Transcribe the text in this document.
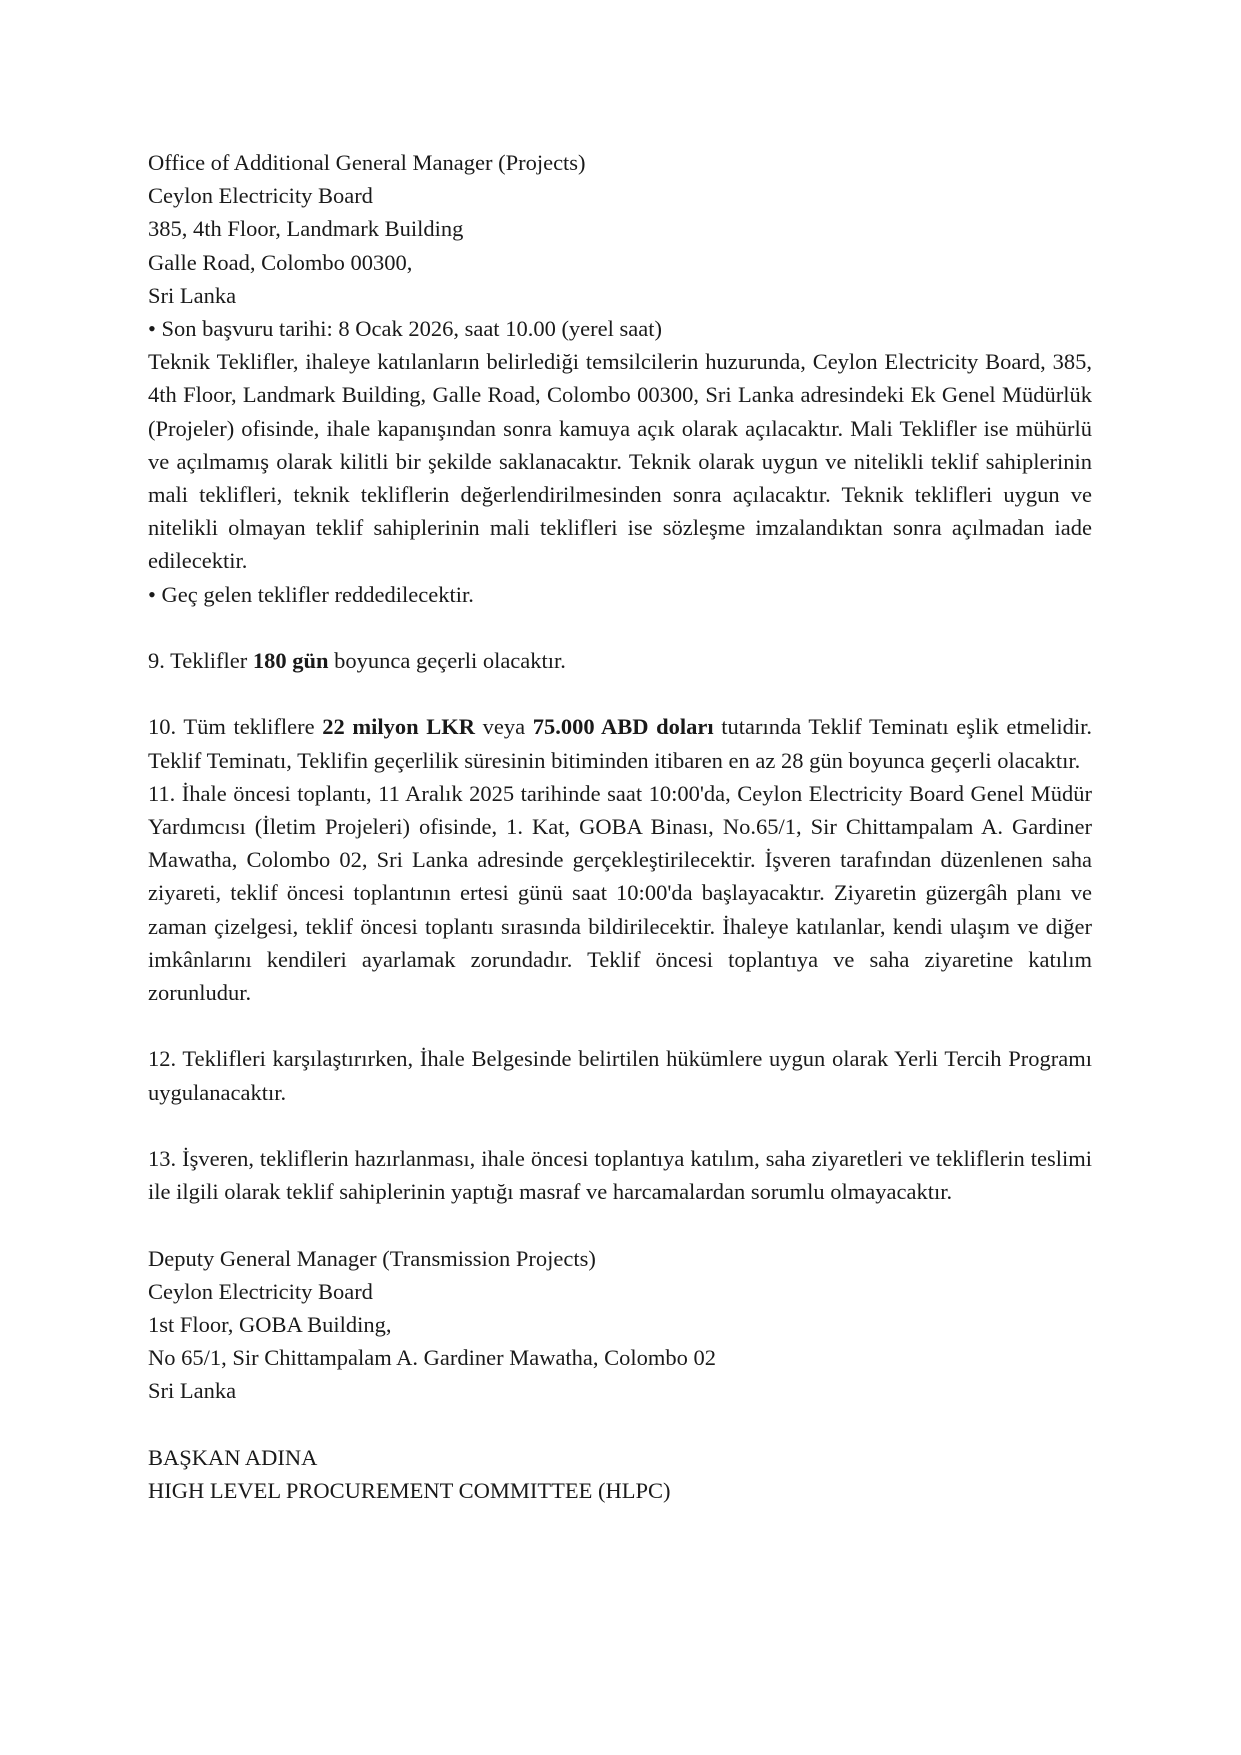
Office of Additional General Manager (Projects)
Ceylon Electricity Board
385, 4th Floor, Landmark Building
Galle Road, Colombo 00300,
Sri Lanka
• Son başvuru tarihi: 8 Ocak 2026, saat 10.00 (yerel saat)
Teknik Teklifler, ihaleye katılanların belirlediği temsilcilerin huzurunda, Ceylon Electricity Board, 385, 4th Floor, Landmark Building, Galle Road, Colombo 00300, Sri Lanka adresindeki Ek Genel Müdürlük (Projeler) ofisinde, ihale kapanışından sonra kamuya açık olarak açılacaktır. Mali Teklifler ise mühürlü ve açılmamış olarak kilitli bir şekilde saklanacaktır. Teknik olarak uygun ve nitelikli teklif sahiplerinin mali teklifleri, teknik tekliflerin değerlendirilmesinden sonra açılacaktır. Teknik teklifleri uygun ve nitelikli olmayan teklif sahiplerinin mali teklifleri ise sözleşme imzalandıktan sonra açılmadan iade edilecektir.
• Geç gelen teklifler reddedilecektir.
9. Teklifler 180 gün boyunca geçerli olacaktır.
10. Tüm tekliflere 22 milyon LKR veya 75.000 ABD doları tutarında Teklif Teminatı eşlik etmelidir. Teklif Teminatı, Teklifin geçerlilik süresinin bitiminden itibaren en az 28 gün boyunca geçerli olacaktır.
11. İhale öncesi toplantı, 11 Aralık 2025 tarihinde saat 10:00'da, Ceylon Electricity Board Genel Müdür Yardımcısı (İletim Projeleri) ofisinde, 1. Kat, GOBA Binası, No.65/1, Sir Chittampalam A. Gardiner Mawatha, Colombo 02, Sri Lanka adresinde gerçekleştirilecektir. İşveren tarafından düzenlenen saha ziyareti, teklif öncesi toplantının ertesi günü saat 10:00'da başlayacaktır. Ziyaretin güzergâh planı ve zaman çizelgesi, teklif öncesi toplantı sırasında bildirilecektir. İhaleye katılanlar, kendi ulaşım ve diğer imkânlarını kendileri ayarlamak zorundadır. Teklif öncesi toplantıya ve saha ziyaretine katılım zorunludur.
12. Teklifleri karşılaştırırken, İhale Belgesinde belirtilen hükümlere uygun olarak Yerli Tercih Programı uygulanacaktır.
13. İşveren, tekliflerin hazırlanması, ihale öncesi toplantıya katılım, saha ziyaretleri ve tekliflerin teslimi ile ilgili olarak teklif sahiplerinin yaptığı masraf ve harcamalardan sorumlu olmayacaktır.
Deputy General Manager (Transmission Projects)
Ceylon Electricity Board
1st Floor, GOBA Building,
No 65/1, Sir Chittampalam A. Gardiner Mawatha, Colombo 02
Sri Lanka
BAŞKAN ADINA
HIGH LEVEL PROCUREMENT COMMITTEE (HLPC)
